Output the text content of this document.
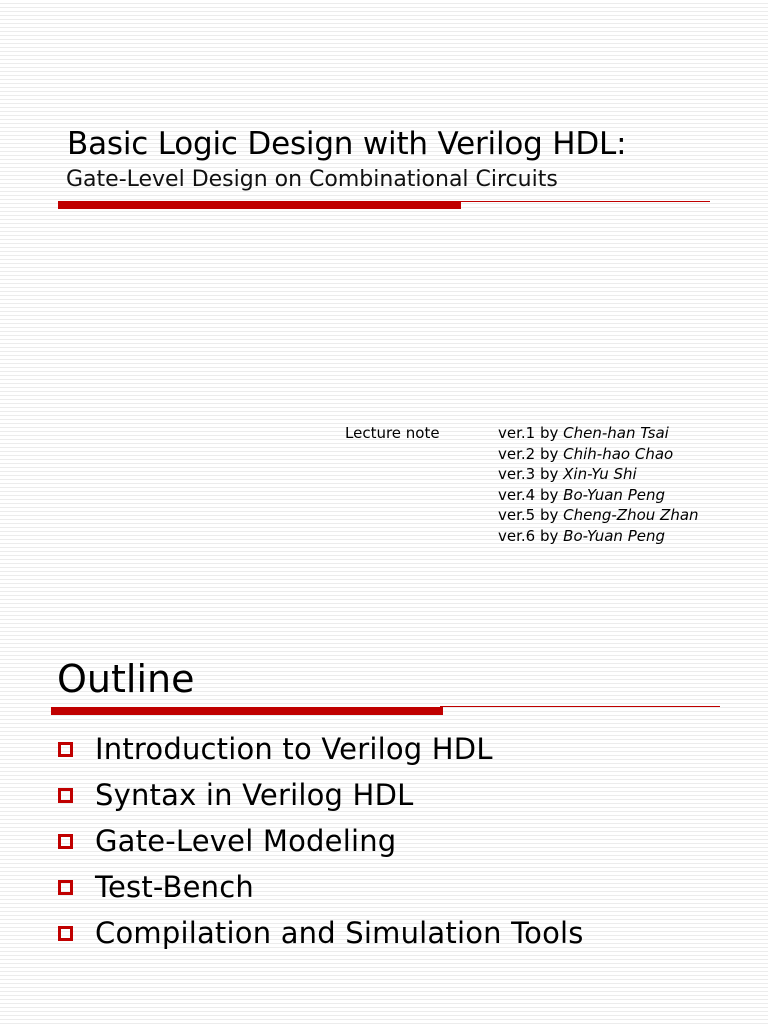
Basic Logic Design with Verilog HDL:
Gate-Level Design on Combinational Circuits
Lecture note	ver.1 by Chen-han Tsai
ver.2 by Chih-hao Chao
ver.3 by Xin-Yu Shi
ver.4 by Bo-Yuan Peng
ver.5 by Cheng-Zhou Zhan
ver.6 by Bo-Yuan Peng
Outline
Introduction to Verilog HDL
Syntax in Verilog HDL
Gate-Level Modeling
Test-Bench
Compilation and Simulation Tools
